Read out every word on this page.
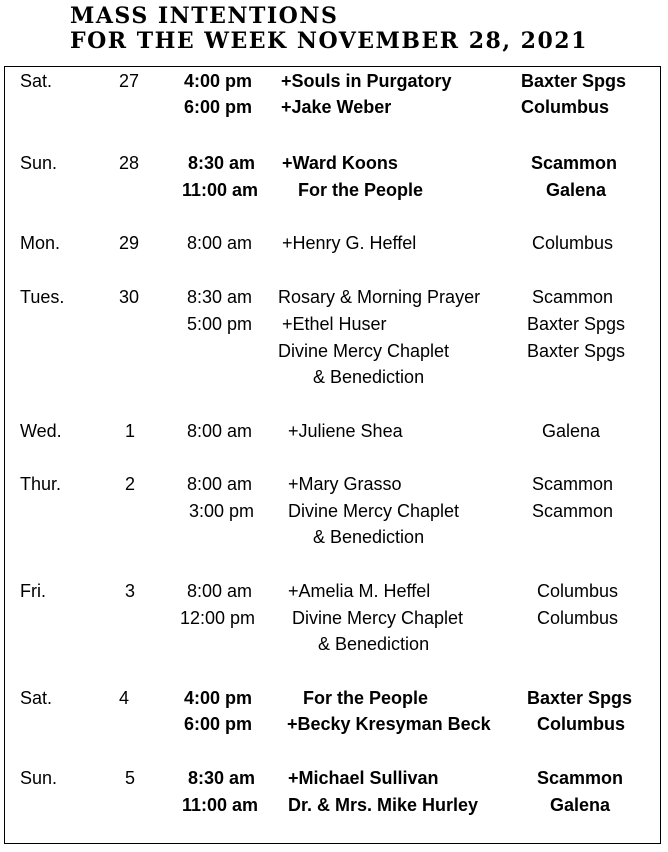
MASS INTENTIONS
FOR THE WEEK NOVEMBER 28, 2021
Sat.	27	4:00 pm +Souls in Purgatory	Baxter Spgs
6:00 pm +Jake Weber	Columbus
Sun.	28	8:30 am +Ward Koons	Scammon
11:00 am For the People	Galena
Mon.	29	8:00 am +Henry G. Heffel	Columbus
Tues.	30	8:30 am Rosary & Morning Prayer	Scammon
5:00 pm +Ethel Huser	Baxter Spgs
Divine Mercy Chaplet	Baxter Spgs
& Benediction
Wed.	1	8:00 am +Juliene Shea	Galena
Thur.	2	8:00 am +Mary Grasso	Scammon
3:00 pm Divine Mercy Chaplet	Scammon
& Benediction
Fri.	3	8:00 am +Amelia M. Heffel	Columbus
12:00 pm Divine Mercy Chaplet	Columbus
& Benediction
Sat.	4	4:00 pm	For the People	Baxter Spgs
6:00 pm +Becky Kresyman Beck	Columbus
Sun.	5	8:30 am +Michael Sullivan	Scammon
11:00 am Dr. & Mrs. Mike Hurley	Galena
